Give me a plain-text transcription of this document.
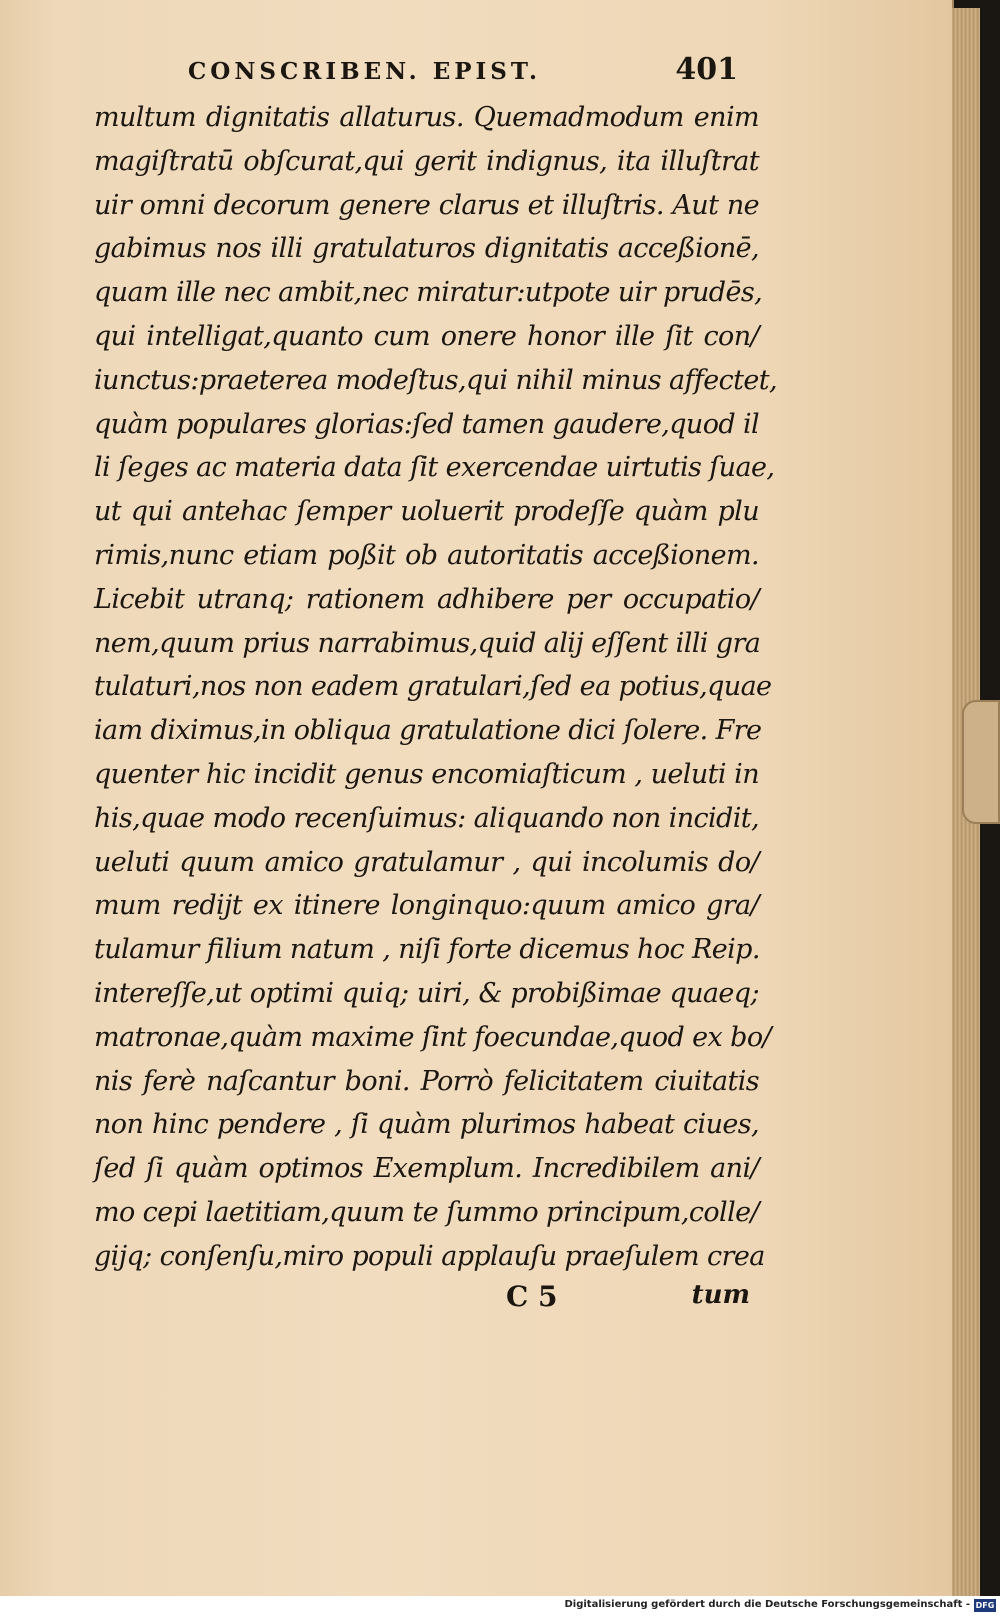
CONSCRIBEN. EPIST.	401
multum dignitatis allaturus. Quemadmodum enim
magiſtratū obſcurat,qui gerit indignus, ita illuſtrat
uir omni decorum genere clarus et illuſtris. Aut ne
gabimus nos illi gratulaturos dignitatis acceßionē,
quam ille nec ambit,nec miratur:utpote uir prudēs,
qui intelligat,quanto cum onere honor ille ſit con/
iunctus:praeterea modeſtus,qui nihil minus affectet,
quàm populares glorias:ſed tamen gaudere,quod il
li ſeges ac materia data ſit exercendae uirtutis ſuae,
ut qui antehac ſemper uoluerit prodeſſe quàm plu
rimis,nunc etiam poßit ob autoritatis acceßionem.
Licebit utranq; rationem adhibere per occupatio/
nem,quum prius narrabimus,quid alij eſſent illi gra
tulaturi,nos non eadem gratulari,ſed ea potius,quae
iam diximus,in obliqua gratulatione dici ſolere. Fre
quenter hic incidit genus encomiaſticum , ueluti in
his,quae modo recenſuimus: aliquando non incidit,
ueluti quum amico gratulamur , qui incolumis do/
mum redijt ex itinere longinquo:quum amico gra/
tulamur filium natum , niſi forte dicemus hoc Reip.
intereſſe,ut optimi quiq; uiri, & probißimae quaeq;
matronae,quàm maxime ſint foecundae,quod ex bo/
nis ferè naſcantur boni. Porrò felicitatem ciuitatis
non hinc pendere , ſi quàm plurimos habeat ciues,
ſed ſi quàm optimos Exemplum. Incredibilem ani/
mo cepi laetitiam,quum te ſummo principum,colle/
gijq; conſenſu,miro populi applauſu praeſulem crea
C 5	tum
Digitalisierung gefördert durch die Deutsche Forschungsgemeinschaft - DFG
